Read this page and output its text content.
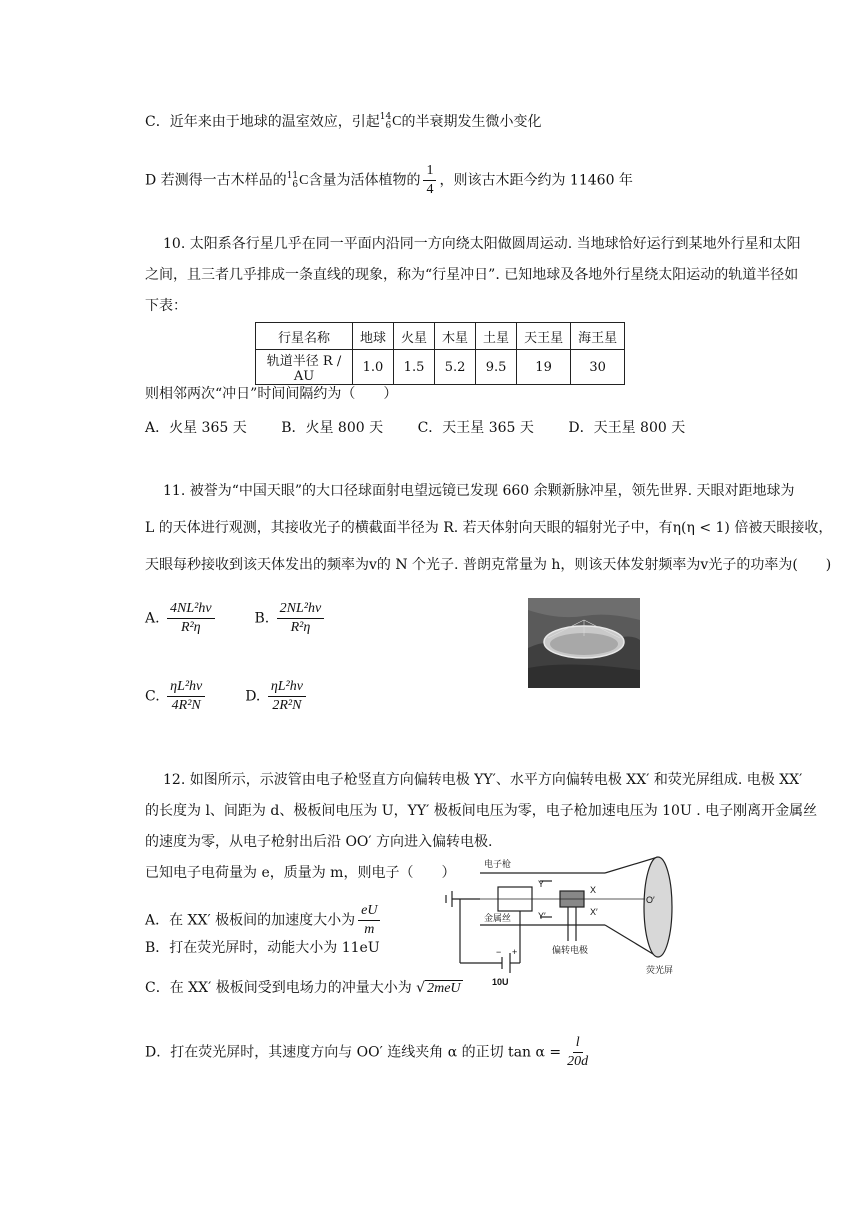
C．近年来由于地球的温室效应，引起 14
6 C 的半衰期发生微小变化
D 若测得一古木样品的 11
6 C 含量为活体植物的 $\frac{1}{4}$ ，则该古木距今约为 11460 年
10. 太阳系各行星几乎在同一平面内沿同一方向绕太阳做圆周运动. 当地球恰好运行到某地外行星和太阳
之间，且三者几乎排成一条直线的现象，称为“行星冲日”. 已知地球及各地外行星绕太阳运动的轨道半径如
下表：
行星名称	地球	火星	木星	土星	天王星	海王星
轨道半径 R / AU	1.0	1.5	5.2	9.5	19	30
则相邻两次“冲日”时间间隔约为（　　）
A．火星 365 天 B．火星 800 天 C．天王星 365 天 D．天王星 800 天
11. 被誉为“中国天眼”的大口径球面射电望远镜已发现 660 余颗新脉冲星，领先世界. 天眼对距地球为
L 的天体进行观测，其接收光子的横截面半径为 R. 若天体射向天眼的辐射光子中，有η(η < 1) 倍被天眼接收，
天眼每秒接收到该天体发出的频率为v的 N 个光子. 普朗克常量为 h，则该天体发射频率为v光子的功率为(　　)
A. $\frac{\text{4NL²hv}}{\text{R²η}}$	B. $\frac{\text{2NL²hv}}{\text{R²η}}$
C. $\frac{\text{ηL²hv}}{\text{4R²N}}$	D. $\frac{\text{ηL²hv}}{\text{2R²N}}$
12. 如图所示，示波管由电子枪竖直方向偏转电极 YY′、水平方向偏转电极 XX′ 和荧光屏组成. 电极 XX′
的长度为 l、间距为 d、极板间电压为 U，YY′ 极板间电压为零，电子枪加速电压为 10U . 电子刚离开金属丝
的速度为零，从电子枪射出后沿 OO′ 方向进入偏转电极.
已知电子电荷量为 e，质量为 m，则电子（　　）
A．在 XX′ 极板间的加速度大小为 $\frac{eU}{m}$
B．打在荧光屏时，动能大小为 11eU
C．在 XX′ 极板间受到电场力的冲量大小为 √ 2meU
D．打在荧光屏时，其速度方向与 OO′ 连线夹角 α 的正切 $\tan \alpha = \frac{l}{20d}$
电子枪
金属丝
偏转电极
荧光屏
10U
− +
Y
Y′
X
X′
O′
